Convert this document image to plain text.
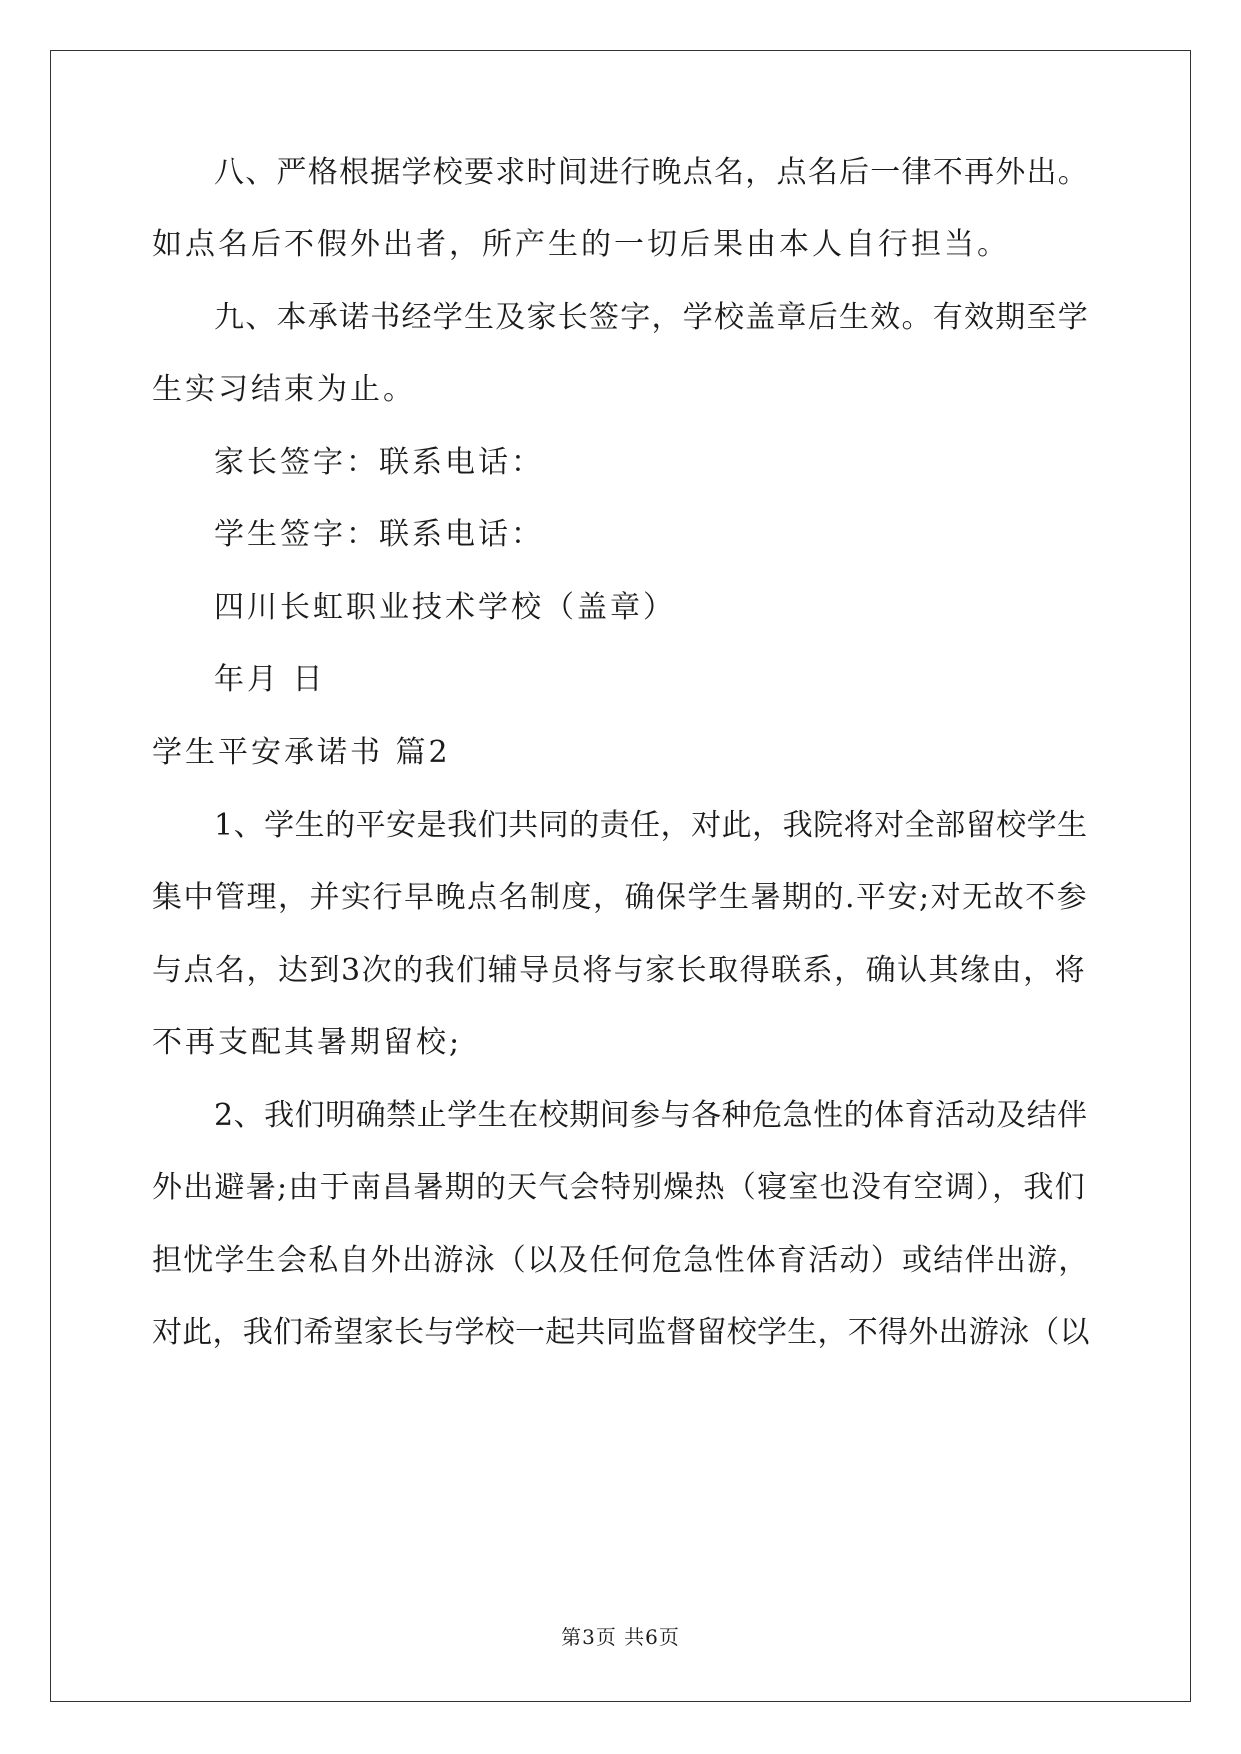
八、严格根据学校要求时间进行晚点名，点名后一律不再外出。
如点名后不假外出者，所产生的一切后果由本人自行担当。
九、本承诺书经学生及家长签字，学校盖章后生效。有效期至学
生实习结束为止。
家长签字：联系电话：
学生签字：联系电话：
四川长虹职业技术学校（盖章）
年月 日
学生平安承诺书 篇2
1、学生的平安是我们共同的责任，对此，我院将对全部留校学生
集中管理，并实行早晚点名制度，确保学生暑期的.平安;对无故不参
与点名，达到3次的我们辅导员将与家长取得联系，确认其缘由，将
不再支配其暑期留校;
2、我们明确禁止学生在校期间参与各种危急性的体育活动及结伴
外出避暑;由于南昌暑期的天气会特别燥热（寝室也没有空调），我们
担忧学生会私自外出游泳（以及任何危急性体育活动）或结伴出游，
对此，我们希望家长与学校一起共同监督留校学生，不得外出游泳（以
第3页 共6页
